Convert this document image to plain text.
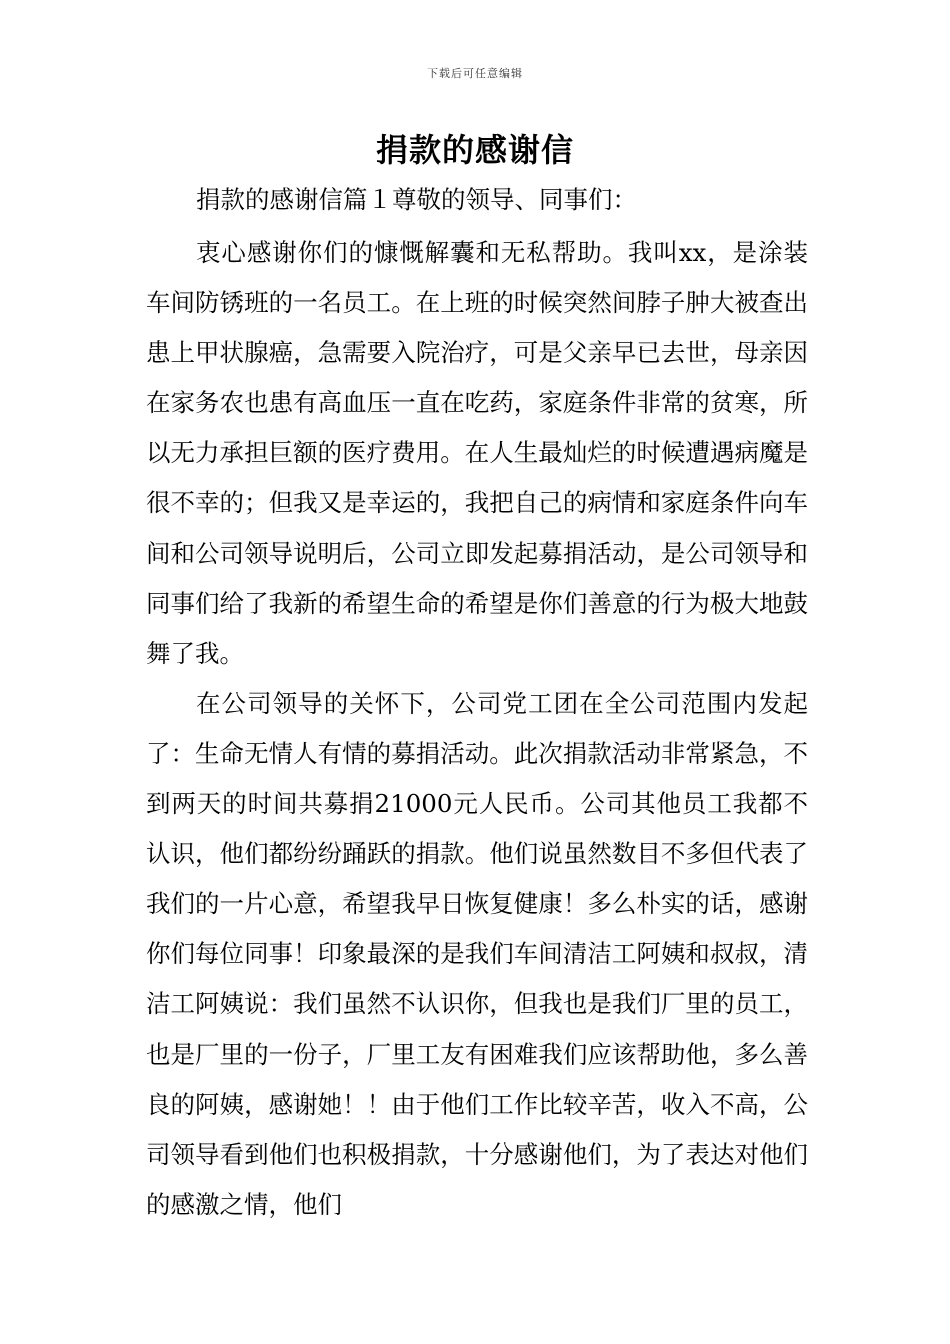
下载后可任意编辑
捐款的感谢信

捐款的感谢信篇１尊敬的领导、同事们：

衷心感谢你们的慷慨解囊和无私帮助。我叫xx，是涂装车间防锈班的一名员工。在上班的时候突然间脖子肿大被查出患上甲状腺癌，急需要入院治疗，可是父亲早已去世，母亲因在家务农也患有高血压一直在吃药，家庭条件非常的贫寒，所以无力承担巨额的医疗费用。在人生最灿烂的时候遭遇病魔是很不幸的；但我又是幸运的，我把自己的病情和家庭条件向车间和公司领导说明后，公司立即发起募捐活动，是公司领导和同事们给了我新的希望生命的希望是你们善意的行为极大地鼓舞了我。

在公司领导的关怀下，公司党工团在全公司范围内发起了：生命无情人有情的募捐活动。此次捐款活动非常紧急，不到两天的时间共募捐21000元人民币。公司其他员工我都不认识，他们都纷纷踊跃的捐款。他们说虽然数目不多但代表了我们的一片心意，希望我早日恢复健康！多么朴实的话，感谢你们每位同事！印象最深的是我们车间清洁工阿姨和叔叔，清洁工阿姨说：我们虽然不认识你，但我也是我们厂里的员工，也是厂里的一份子，厂里工友有困难我们应该帮助他，多么善良的阿姨，感谢她！！由于他们工作比较辛苦，收入不高，公司领导看到他们也积极捐款，十分感谢他们，为了表达对他们的感激之情，他们
